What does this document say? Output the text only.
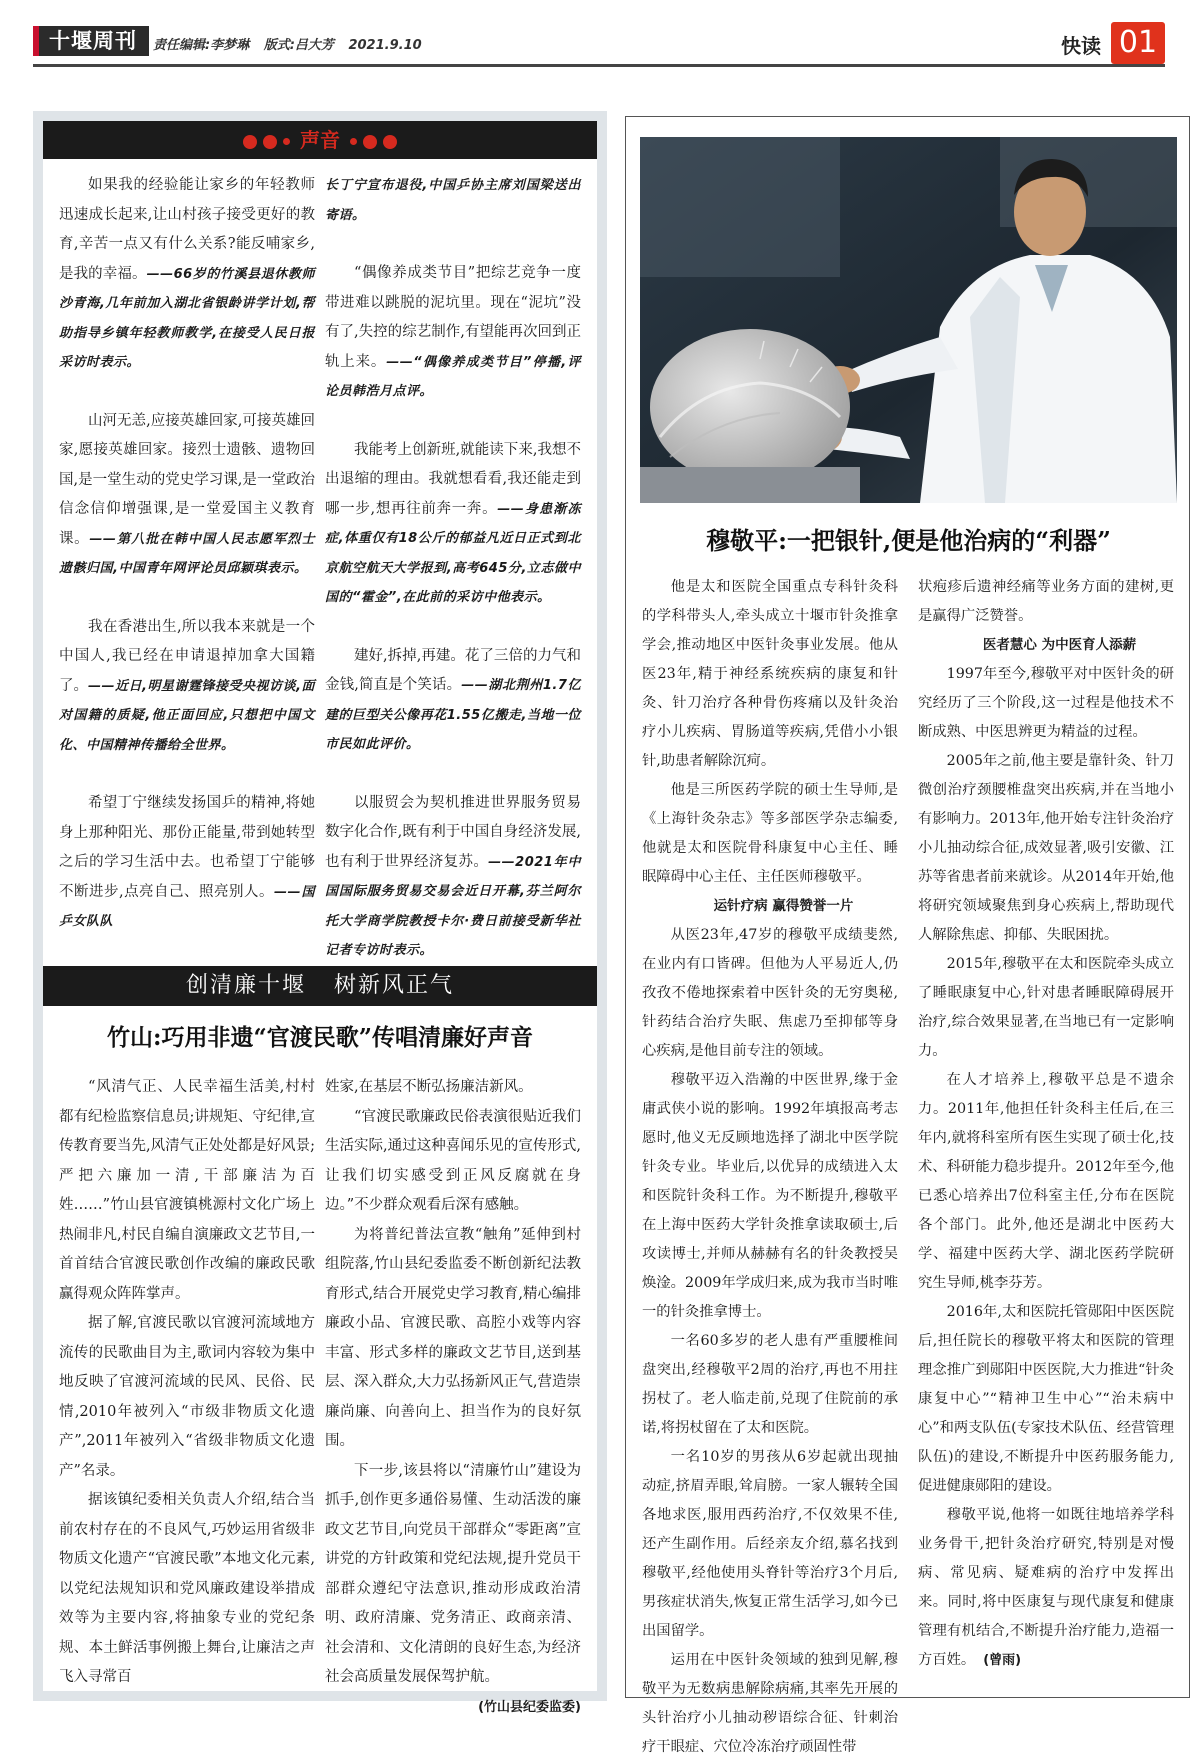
十堰周刊	责任编辑:李梦琳 版式:吕大芳 2021.9.10	快读 01
声音

如果我的经验能让家乡的年轻教师迅速成长起来,让山村孩子接受更好的教育,辛苦一点又有什么关系?能反哺家乡,是我的幸福。——66岁的竹溪县退休教师沙青海,几年前加入湖北省银龄讲学计划,帮助指导乡镇年轻教师教学,在接受人民日报采访时表示。

山河无恙,应接英雄回家,可接英雄回家,愿接英雄回家。接烈士遗骸、遗物回国,是一堂生动的党史学习课,是一堂政治信念信仰增强课,是一堂爱国主义教育课。——第八批在韩中国人民志愿军烈士遗骸归国,中国青年网评论员邱颖琪表示。

我在香港出生,所以我本来就是一个中国人,我已经在申请退掉加拿大国籍了。——近日,明星谢霆锋接受央视访谈,面对国籍的质疑,他正面回应,只想把中国文化、中国精神传播给全世界。

希望丁宁继续发扬国乒的精神,将她身上那种阳光、那份正能量,带到她转型之后的学习生活中去。也希望丁宁能够不断进步,点亮自己、照亮别人。——国乒女队队

长丁宁宣布退役,中国乒协主席刘国梁送出寄语。

“偶像养成类节目”把综艺竞争一度带进难以跳脱的泥坑里。现在“泥坑”没有了,失控的综艺制作,有望能再次回到正轨上来。——“偶像养成类节目”停播,评论员韩浩月点评。

我能考上创新班,就能读下来,我想不出退缩的理由。我就想看看,我还能走到哪一步,想再往前奔一奔。——身患渐冻症,体重仅有18公斤的郁益凡近日正式到北京航空航天大学报到,高考645分,立志做中国的“霍金”,在此前的采访中他表示。

建好,拆掉,再建。花了三倍的力气和金钱,简直是个笑话。——湖北荆州1.7亿建的巨型关公像再花1.55亿搬走,当地一位市民如此评价。

以服贸会为契机推进世界服务贸易数字化合作,既有利于中国自身经济发展,也有利于世界经济复苏。——2021年中国国际服务贸易交易会近日开幕,芬兰阿尔托大学商学院教授卡尔·费日前接受新华社记者专访时表示。

创清廉十堰 树新风正气
竹山:巧用非遗“官渡民歌”传唱清廉好声音

“风清气正、人民幸福生活美,村村都有纪检监察信息员;讲规矩、守纪律,宣传教育要当先,风清气正处处都是好风景;严把六廉加一清,干部廉洁为百姓……”竹山县官渡镇桃源村文化广场上热闹非凡,村民自编自演廉政文艺节目,一首首结合官渡民歌创作改编的廉政民歌赢得观众阵阵掌声。

据了解,官渡民歌以官渡河流域地方流传的民歌曲目为主,歌词内容较为集中地反映了官渡河流域的民风、民俗、民情,2010年被列入“市级非物质文化遗产”,2011年被列入“省级非物质文化遗产”名录。

据该镇纪委相关负责人介绍,结合当前农村存在的不良风气,巧妙运用省级非物质文化遗产“官渡民歌”本地文化元素,以党纪法规知识和党风廉政建设举措成效等为主要内容,将抽象专业的党纪条规、本土鲜活事例搬上舞台,让廉洁之声飞入寻常百

姓家,在基层不断弘扬廉洁新风。

“官渡民歌廉政民俗表演很贴近我们生活实际,通过这种喜闻乐见的宣传形式,让我们切实感受到正风反腐就在身边。”不少群众观看后深有感触。

为将普纪普法宣教“触角”延伸到村组院落,竹山县纪委监委不断创新纪法教育形式,结合开展党史学习教育,精心编排廉政小品、官渡民歌、高腔小戏等内容丰富、形式多样的廉政文艺节目,送到基层、深入群众,大力弘扬新风正气,营造崇廉尚廉、向善向上、担当作为的良好氛围。

下一步,该县将以“清廉竹山”建设为抓手,创作更多通俗易懂、生动活泼的廉政文艺节目,向党员干部群众“零距离”宣讲党的方针政策和党纪法规,提升党员干部群众遵纪守法意识,推动形成政治清明、政府清廉、党务清正、政商亲清、社会清和、文化清朗的良好生态,为经济社会高质量发展保驾护航。

(竹山县纪委监委)

穆敬平:一把银针,便是他治病的“利器”

他是太和医院全国重点专科针灸科的学科带头人,牵头成立十堰市针灸推拿学会,推动地区中医针灸事业发展。他从医23年,精于神经系统疾病的康复和针灸、针刀治疗各种骨伤疼痛以及针灸治疗小儿疾病、胃肠道等疾病,凭借小小银针,助患者解除沉疴。

他是三所医药学院的硕士生导师,是《上海针灸杂志》等多部医学杂志编委,他就是太和医院骨科康复中心主任、睡眠障碍中心主任、主任医师穆敬平。

运针疗病 赢得赞誉一片

从医23年,47岁的穆敬平成绩斐然,在业内有口皆碑。但他为人平易近人,仍孜孜不倦地探索着中医针灸的无穷奥秘,针药结合治疗失眠、焦虑乃至抑郁等身心疾病,是他目前专注的领域。

穆敬平迈入浩瀚的中医世界,缘于金庸武侠小说的影响。1992年填报高考志愿时,他义无反顾地选择了湖北中医学院针灸专业。毕业后,以优异的成绩进入太和医院针灸科工作。为不断提升,穆敬平在上海中医药大学针灸推拿读取硕士,后攻读博士,并师从赫赫有名的针灸教授吴焕淦。2009年学成归来,成为我市当时唯一的针灸推拿博士。

一名60多岁的老人患有严重腰椎间盘突出,经穆敬平2周的治疗,再也不用拄拐杖了。老人临走前,兑现了住院前的承诺,将拐杖留在了太和医院。

一名10岁的男孩从6岁起就出现抽动症,挤眉弄眼,耸肩膀。一家人辗转全国各地求医,服用西药治疗,不仅效果不佳,还产生副作用。后经亲友介绍,慕名找到穆敬平,经他使用头脊针等治疗3个月后,男孩症状消失,恢复正常生活学习,如今已出国留学。

运用在中医针灸领域的独到见解,穆敬平为无数病患解除病痛,其率先开展的头针治疗小儿抽动秽语综合征、针刺治疗干眼症、穴位冷冻治疗顽固性带

状疱疹后遗神经痛等业务方面的建树,更是赢得广泛赞誉。

医者慧心 为中医育人添薪

1997年至今,穆敬平对中医针灸的研究经历了三个阶段,这一过程是他技术不断成熟、中医思辨更为精益的过程。

2005年之前,他主要是靠针灸、针刀微创治疗颈腰椎盘突出疾病,并在当地小有影响力。2013年,他开始专注针灸治疗小儿抽动综合征,成效显著,吸引安徽、江苏等省患者前来就诊。从2014年开始,他将研究领域聚焦到身心疾病上,帮助现代人解除焦虑、抑郁、失眠困扰。

2015年,穆敬平在太和医院牵头成立了睡眠康复中心,针对患者睡眠障碍展开治疗,综合效果显著,在当地已有一定影响力。

在人才培养上,穆敬平总是不遗余力。2011年,他担任针灸科主任后,在三年内,就将科室所有医生实现了硕士化,技术、科研能力稳步提升。2012年至今,他已悉心培养出7位科室主任,分布在医院各个部门。此外,他还是湖北中医药大学、福建中医药大学、湖北医药学院研究生导师,桃李芬芳。

2016年,太和医院托管郧阳中医医院后,担任院长的穆敬平将太和医院的管理理念推广到郧阳中医医院,大力推进“针灸康复中心”“精神卫生中心”“治未病中心”和两支队伍(专家技术队伍、经营管理队伍)的建设,不断提升中医药服务能力,促进健康郧阳的建设。

穆敬平说,他将一如既往地培养学科业务骨干,把针灸治疗研究,特别是对慢病、常见病、疑难病的治疗中发挥出来。同时,将中医康复与现代康复和健康管理有机结合,不断提升治疗能力,造福一方百姓。 (曾雨)
